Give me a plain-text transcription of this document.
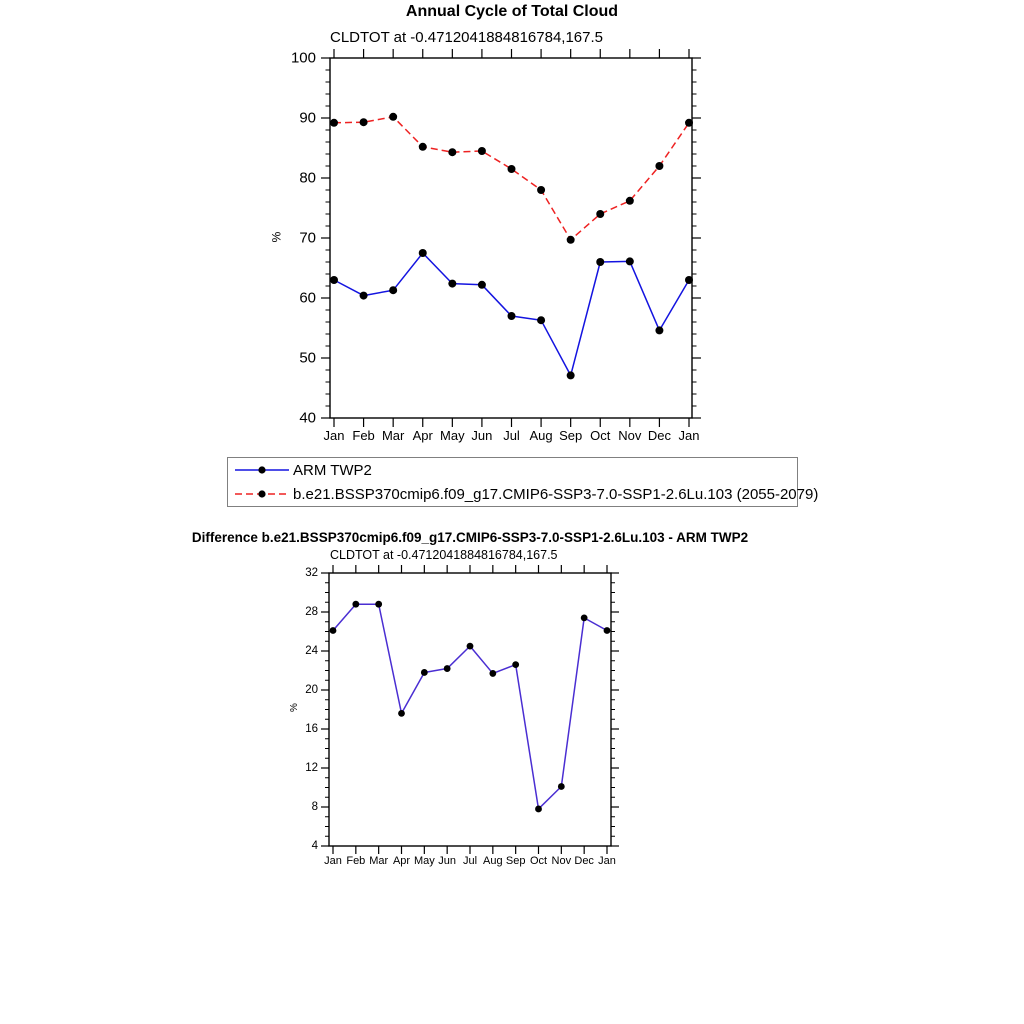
40
50
60
70
80
90
100
Jan Feb Mar Apr May Jun Jul Aug Sep Oct Nov Dec Jan
4
8
12
16
20
24
28
32
Jan Feb Mar Apr May Jun Jul Aug Sep Oct Nov Dec Jan
Annual Cycle of Total Cloud
CLDTOT at -0.4712041884816784,167.5
%
ARM TWP2
b.e21.BSSP370cmip6.f09_g17.CMIP6-SSP3-7.0-SSP1-2.6Lu.103 (2055-2079)
Difference b.e21.BSSP370cmip6.f09_g17.CMIP6-SSP3-7.0-SSP1-2.6Lu.103 - ARM TWP2
CLDTOT at -0.4712041884816784,167.5
%
